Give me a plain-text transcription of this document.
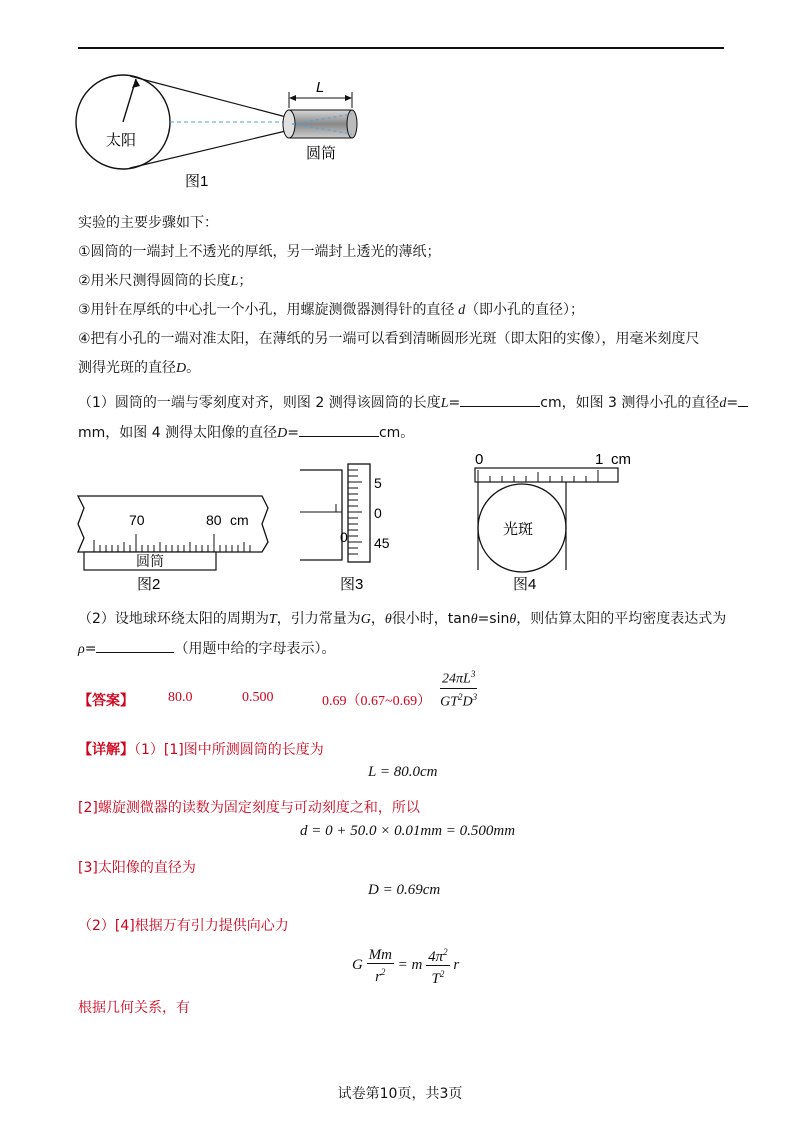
L
太阳
圆筒
图1
实验的主要步骤如下：
①圆筒的一端封上不透光的厚纸，另一端封上透光的薄纸；
②用米尺测得圆筒的长度L；
③用针在厚纸的中心扎一个小孔，用螺旋测微器测得针的直径 d（即小孔的直径）；
④把有小孔的一端对准太阳，在薄纸的另一端可以看到清晰圆形光斑（即太阳的实像），用毫米刻度尺
测得光斑的直径D。
（1）圆筒的一端与零刻度对齐，则图 2 测得该圆筒的长度L=	cm，如图 3 测得小孔的直径d=
mm，如图 4 测得太阳像的直径D=	cm。
70	80 cm
圆筒
图2
5
0
45
0
图3
0	1 cm
光斑
图4
（2）设地球环绕太阳的周期为T，引力常量为G，θ很小时，tanθ=sinθ，则估算太阳的平均密度表达式为
ρ=	（用题中给的字母表示）。
【答案】 80.0	0.500	0.69（0.67~0.69） $\frac{24\pi L^3}{GT^2D^3}$
【详解】（1）[1]图中所测圆筒的长度为
L = 80.0cm
[2]螺旋测微器的读数为固定刻度与可动刻度之和，所以
d = 0 + 50.0 × 0.01mm = 0.500mm
[3]太阳像的直径为
D = 0.69cm
（2）[4]根据万有引力提供向心力
G $\frac{Mm}{r^2} = m \frac{4\pi^2}{T^2}$ r
根据几何关系，有
试卷第10页，共3页
